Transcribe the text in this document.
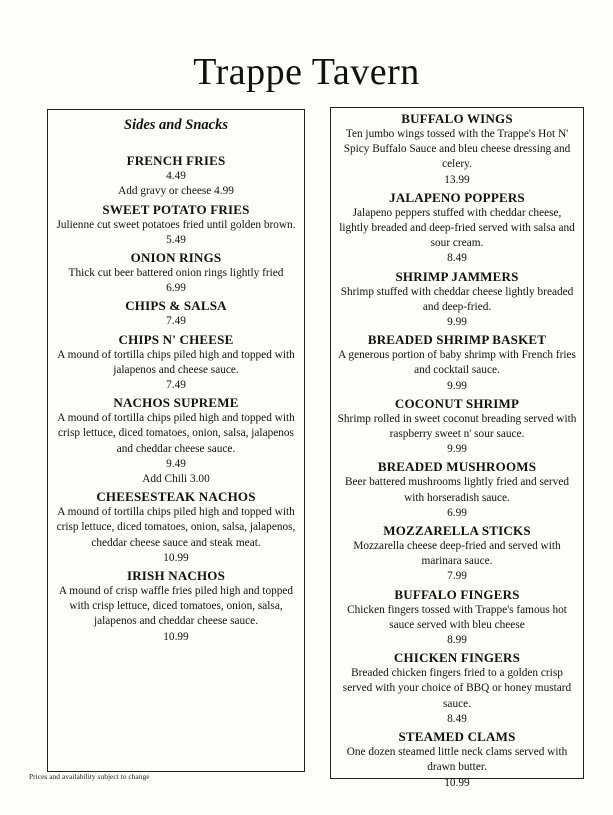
Trappe Tavern
Sides and Snacks
FRENCH FRIES
4.49
Add gravy or cheese 4.99
SWEET POTATO FRIES
Julienne cut sweet potatoes fried until golden brown.
5.49
ONION RINGS
Thick cut beer battered onion rings lightly fried
6.99
CHIPS & SALSA
7.49
CHIPS N' CHEESE
A mound of tortilla chips piled high and topped with jalapenos and cheese sauce.
7.49
NACHOS SUPREME
A mound of tortilla chips piled high and topped with crisp lettuce, diced tomatoes, onion, salsa, jalapenos and cheddar cheese sauce.
9.49
Add Chili 3.00
CHEESESTEAK NACHOS
A mound of tortilla chips piled high and topped with crisp lettuce, diced tomatoes, onion, salsa, jalapenos, cheddar cheese sauce and steak meat.
10.99
IRISH NACHOS
A mound of crisp waffle fries piled high and topped with crisp lettuce, diced tomatoes, onion, salsa, jalapenos and cheddar cheese sauce.
10.99
BUFFALO WINGS
Ten jumbo wings tossed with the Trappe's Hot N' Spicy Buffalo Sauce and bleu cheese dressing and celery.
13.99
JALAPENO POPPERS
Jalapeno peppers stuffed with cheddar cheese, lightly breaded and deep-fried served with salsa and sour cream.
8.49
SHRIMP JAMMERS
Shrimp stuffed with cheddar cheese lightly breaded and deep-fried.
9.99
BREADED SHRIMP BASKET
A generous portion of baby shrimp with French fries and cocktail sauce.
9.99
COCONUT SHRIMP
Shrimp rolled in sweet coconut breading served with raspberry sweet n' sour sauce.
9.99
BREADED MUSHROOMS
Beer battered mushrooms lightly fried and served with horseradish sauce.
6.99
MOZZARELLA STICKS
Mozzarella cheese deep-fried and served with marinara sauce.
7.99
BUFFALO FINGERS
Chicken fingers tossed with Trappe's famous hot sauce served with bleu cheese
8.99
CHICKEN FINGERS
Breaded chicken fingers fried to a golden crisp served with your choice of BBQ or honey mustard sauce.
8.49
STEAMED CLAMS
One dozen steamed little neck clams served with drawn butter.
10.99
Prices and availability subject to change
